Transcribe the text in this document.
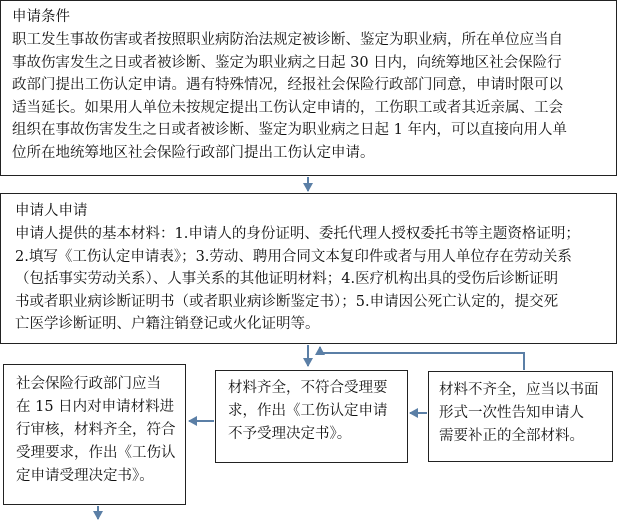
申请条件
职工发生事故伤害或者按照职业病防治法规定被诊断、鉴定为职业病，所在单位应当自
事故伤害发生之日或者被诊断、鉴定为职业病之日起 30 日内，向统筹地区社会保险行
政部门提出工伤认定申请。遇有特殊情况，经报社会保险行政部门同意，申请时限可以
适当延长。如果用人单位未按规定提出工伤认定申请的，工伤职工或者其近亲属、工会
组织在事故伤害发生之日或者被诊断、鉴定为职业病之日起 1 年内，可以直接向用人单
位所在地统筹地区社会保险行政部门提出工伤认定申请。
申请人申请
申请人提供的基本材料：1.申请人的身份证明、委托代理人授权委托书等主题资格证明；
2.填写《工伤认定申请表》；3.劳动、聘用合同文本复印件或者与用人单位存在劳动关系
（包括事实劳动关系）、人事关系的其他证明材料；4.医疗机构出具的受伤后诊断证明
书或者职业病诊断证明书（或者职业病诊断鉴定书）；5.申请因公死亡认定的，提交死
亡医学诊断证明、户籍注销登记或火化证明等。
社会保险行政部门应当
在 15 日内对申请材料进
行审核，材料齐全，符合
受理要求，作出《工伤认
定申请受理决定书》。
材料齐全，不符合受理要
求，作出《工伤认定申请
不予受理决定书》。
材料不齐全，应当以书面
形式一次性告知申请人
需要补正的全部材料。
